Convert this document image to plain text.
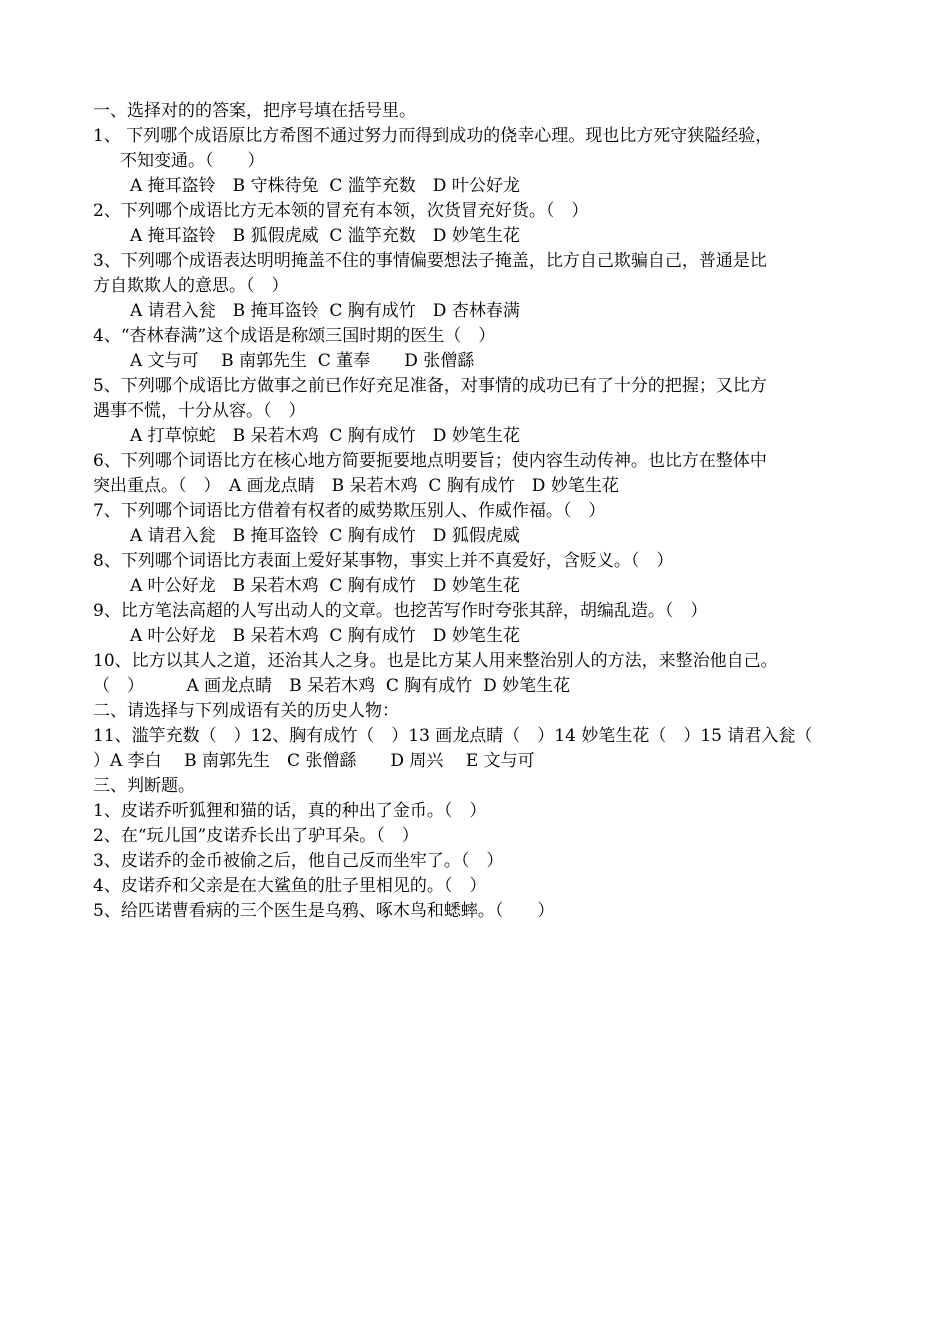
一、选择对的的答案，把序号填在括号里。
1、 下列哪个成语原比方希图不通过努力而得到成功的侥幸心理。现也比方死守狭隘经验，
不知变通。（　　）
A 掩耳盗铃　B 守株待兔  C 滥竽充数　D 叶公好龙
2、下列哪个成语比方无本领的冒充有本领，次货冒充好货。（　）
A 掩耳盗铃　B 狐假虎威  C 滥竽充数　D 妙笔生花
3、下列哪个成语表达明明掩盖不住的事情偏要想法子掩盖，比方自己欺骗自己，普通是比
方自欺欺人的意思。（　）
A 请君入瓮　B 掩耳盗铃  C 胸有成竹　D 杏林春满
4、“杏林春满”这个成语是称颂三国时期的医生（　）
A 文与可　 B 南郭先生  C 董奉　　D 张僧繇
5、下列哪个成语比方做事之前已作好充足准备，对事情的成功已有了十分的把握；又比方
遇事不慌，十分从容。（　）
A 打草惊蛇　B 呆若木鸡  C 胸有成竹　D 妙笔生花
6、下列哪个词语比方在核心地方简要扼要地点明要旨；使内容生动传神。也比方在整体中
突出重点。（　）　A 画龙点睛　B 呆若木鸡  C 胸有成竹　D 妙笔生花
7、下列哪个词语比方借着有权者的威势欺压别人、作威作福。（　）
A 请君入瓮　B 掩耳盗铃  C 胸有成竹　D 狐假虎威
8、下列哪个词语比方表面上爱好某事物，事实上并不真爱好，含贬义。（　）
A 叶公好龙　B 呆若木鸡  C 胸有成竹　D 妙笔生花
9、比方笔法高超的人写出动人的文章。也挖苦写作时夸张其辞，胡编乱造。（　）
A 叶公好龙　B 呆若木鸡  C 胸有成竹　D 妙笔生花
10、比方以其人之道，还治其人之身。也是比方某人用来整治别人的方法，来整治他自己。
（　）　　　A 画龙点睛　B 呆若木鸡  C 胸有成竹  D 妙笔生花
二、请选择与下列成语有关的历史人物：
11、滥竽充数（　）12、胸有成竹（　）13 画龙点睛（　）14 妙笔生花（　）15 请君入瓮（
）A 李白　 B 南郭先生　C 张僧繇　　D 周兴　 E 文与可
三、判断题。
1、皮诺乔听狐狸和猫的话，真的种出了金币。（　）
2、在“玩儿国”皮诺乔长出了驴耳朵。（　）
3、皮诺乔的金币被偷之后，他自己反而坐牢了。（　）
4、皮诺乔和父亲是在大鲨鱼的肚子里相见的。（　）
5、给匹诺曹看病的三个医生是乌鸦、啄木鸟和蟋蟀。（　　）
